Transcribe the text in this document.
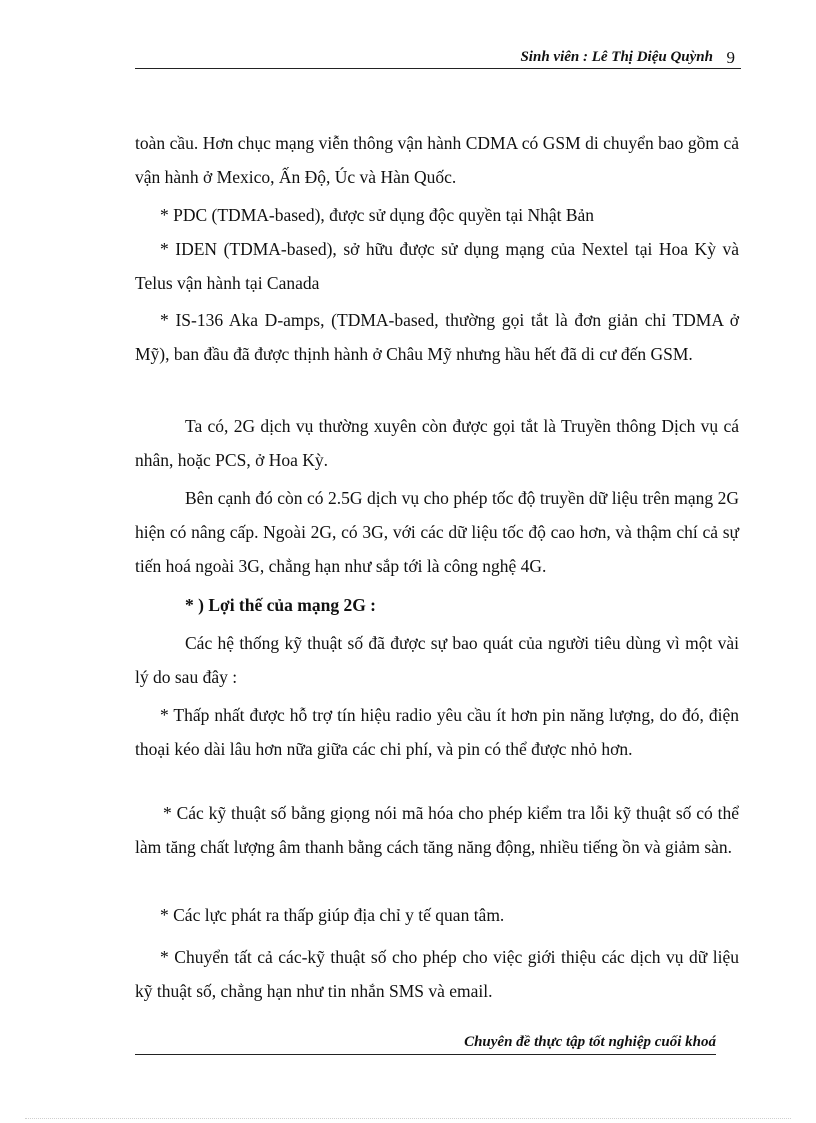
Sinh viên : Lê Thị Diệu Quỳnh 9

toàn cầu. Hơn chục mạng viễn thông vận hành CDMA có GSM di chuyển bao gồm cả vận hành ở Mexico, Ấn Độ, Úc và Hàn Quốc.

* PDC (TDMA-based), được sử dụng độc quyền tại Nhật Bản

* IDEN (TDMA-based), sở hữu được sử dụng mạng của Nextel tại Hoa Kỳ và Telus vận hành tại Canada

* IS-136 Aka D-amps, (TDMA-based, thường gọi tắt là đơn giản chỉ TDMA ở Mỹ), ban đầu đã được thịnh hành ở Châu Mỹ nhưng hầu hết đã di cư đến GSM.

Ta có, 2G dịch vụ thường xuyên còn được gọi tắt là Truyền thông Dịch vụ cá nhân, hoặc PCS, ở Hoa Kỳ.

Bên cạnh đó còn có 2.5G dịch vụ cho phép tốc độ truyền dữ liệu trên mạng 2G hiện có nâng cấp. Ngoài 2G, có 3G, với các dữ liệu tốc độ cao hơn, và thậm chí cả sự tiến hoá ngoài 3G, chẳng hạn như sắp tới là công nghệ 4G.

* ) Lợi thế của mạng 2G :

Các hệ thống kỹ thuật số đã được sự bao quát của người tiêu dùng vì một vài lý do sau đây :

* Thấp nhất được hỗ trợ tín hiệu radio yêu cầu ít hơn pin năng lượng, do đó, điện thoại kéo dài lâu hơn nữa giữa các chi phí, và pin có thể được nhỏ hơn.

* Các kỹ thuật số bằng giọng nói mã hóa cho phép kiểm tra lỗi kỹ thuật số có thể làm tăng chất lượng âm thanh bằng cách tăng năng động, nhiều tiếng ồn và giảm sàn.

* Các lực phát ra thấp giúp địa chỉ y tế quan tâm.

* Chuyển tất cả các-kỹ thuật số cho phép cho việc giới thiệu các dịch vụ dữ liệu kỹ thuật số, chẳng hạn như tin nhắn SMS và email.

Chuyên đề thực tập tốt nghiệp cuối khoá
